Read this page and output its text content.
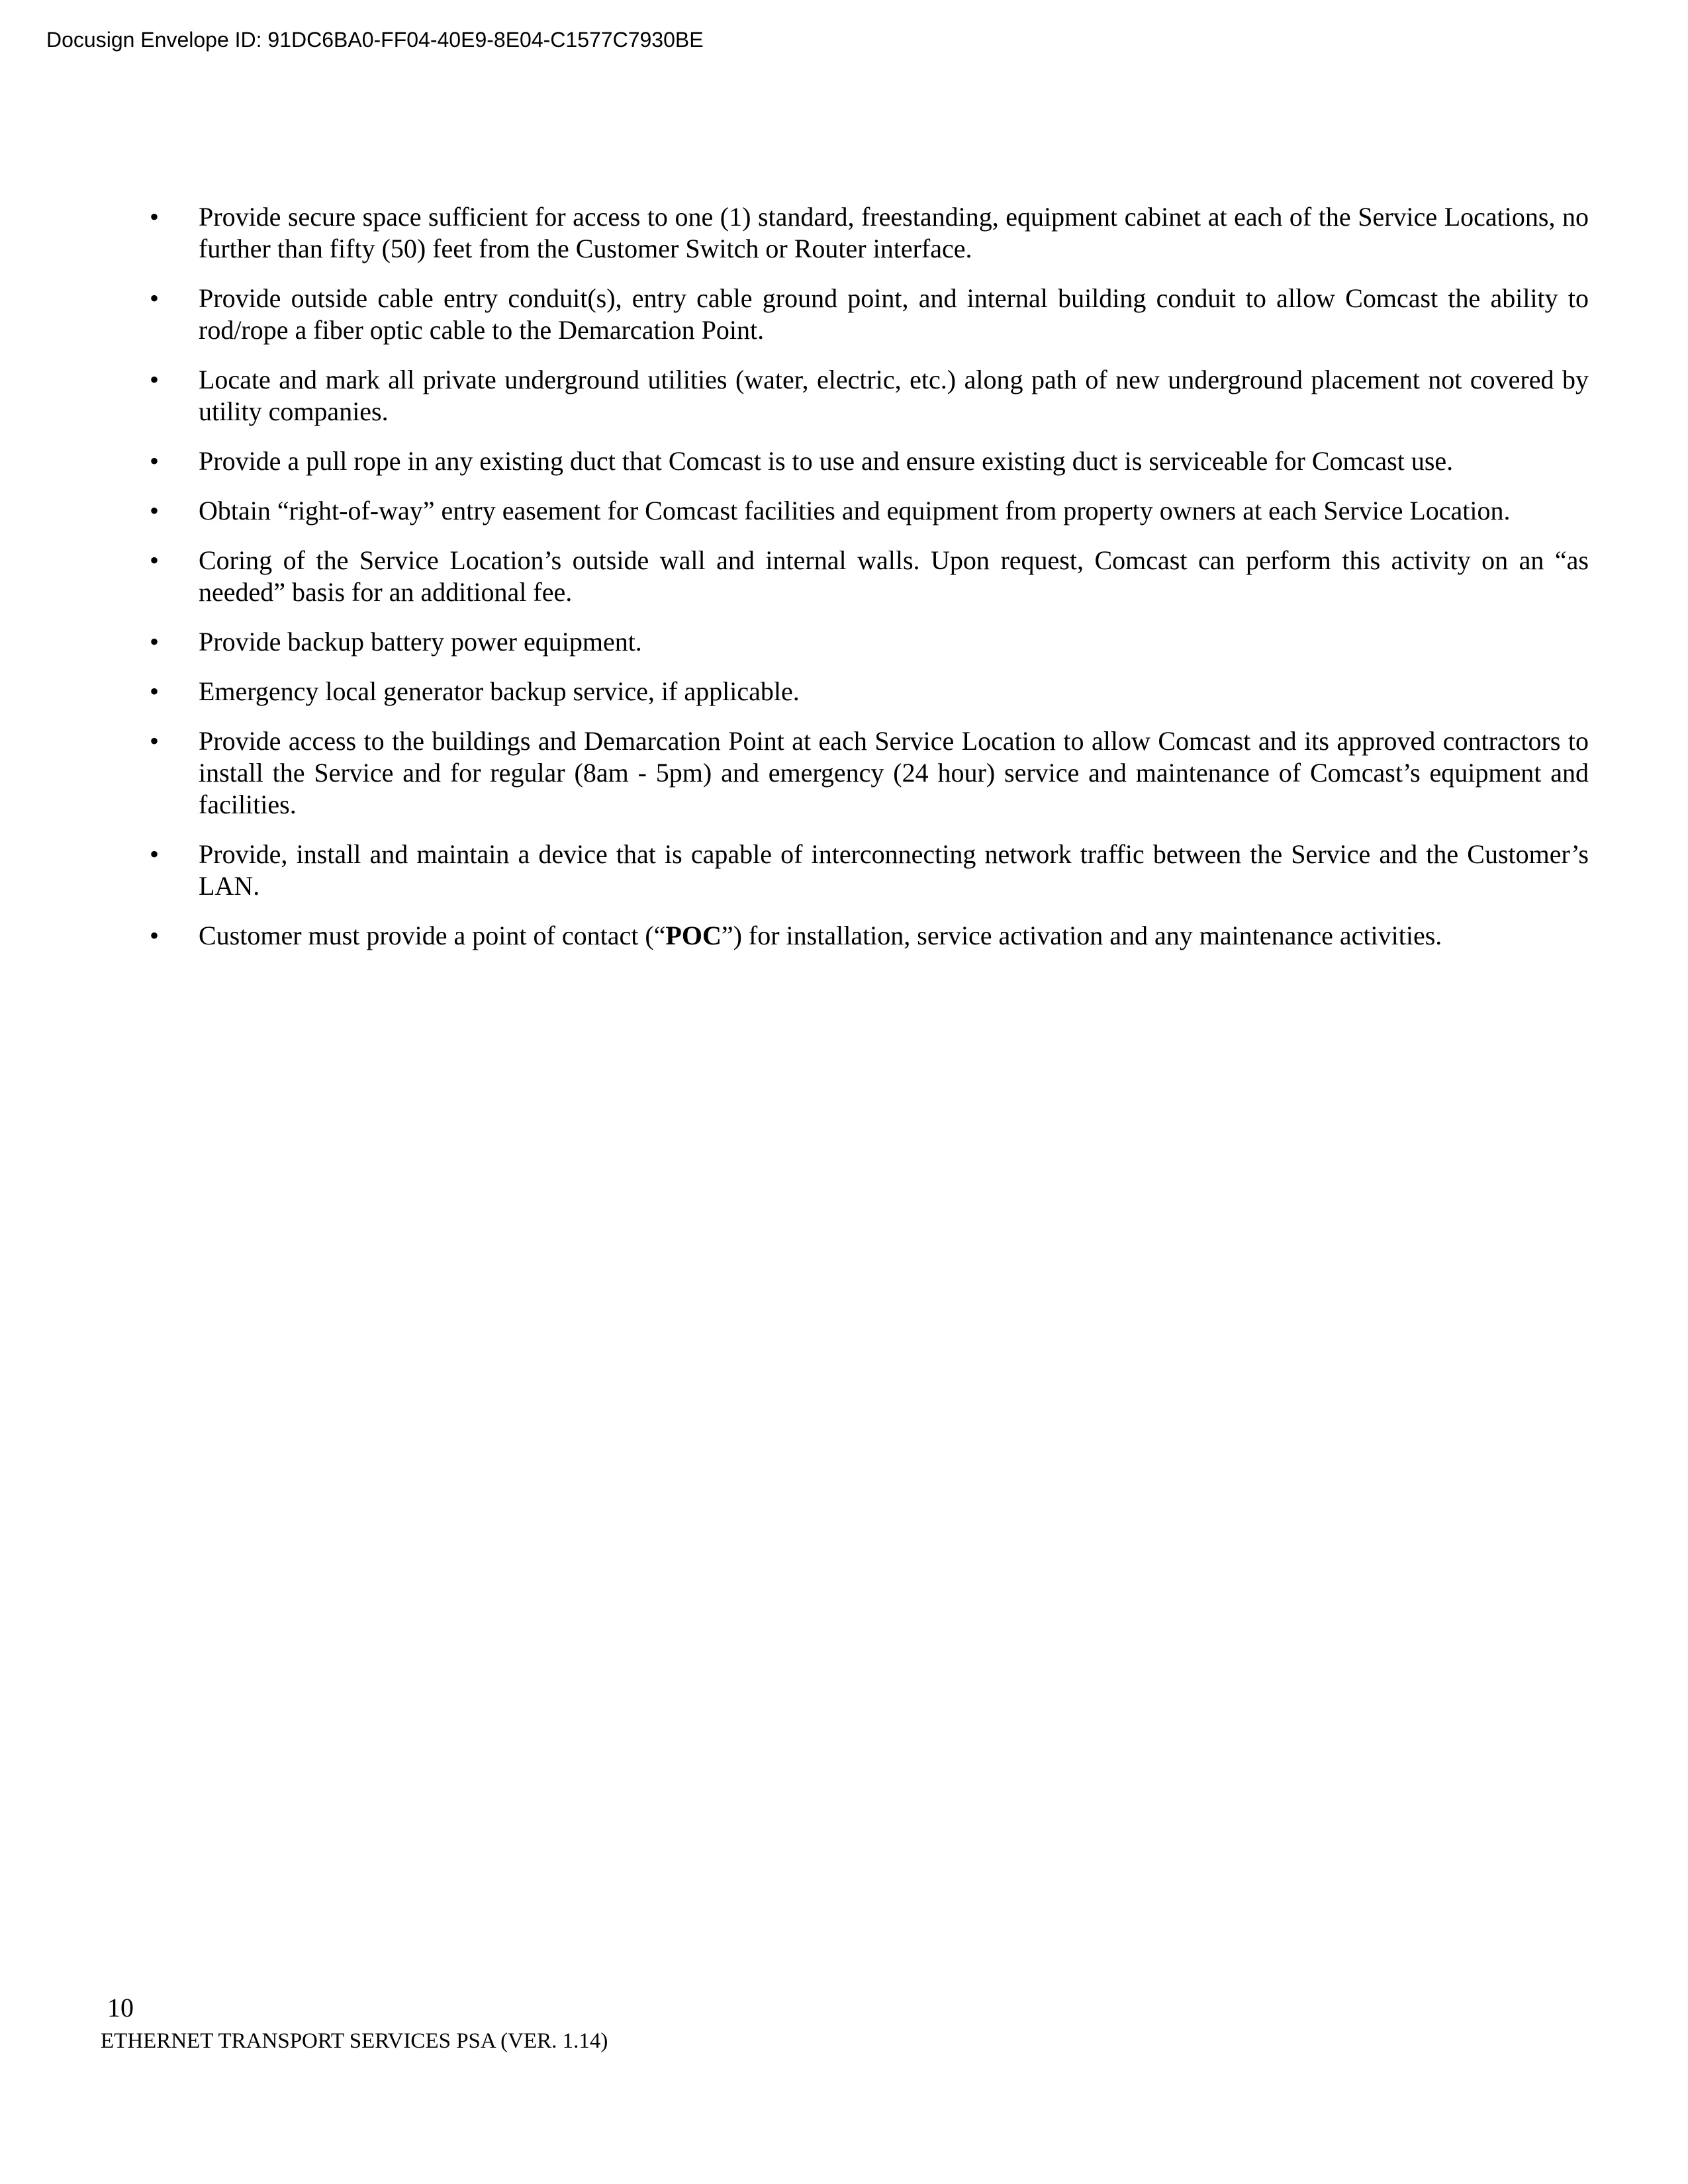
Docusign Envelope ID: 91DC6BA0-FF04-40E9-8E04-C1577C7930BE
•	Provide secure space sufficient for access to one (1) standard, freestanding, equipment cabinet at each of the Service Locations, no further than fifty (50) feet from the Customer Switch or Router interface.
•	Provide outside cable entry conduit(s), entry cable ground point, and internal building conduit to allow Comcast the ability to rod/rope a fiber optic cable to the Demarcation Point.
•	Locate and mark all private underground utilities (water, electric, etc.) along path of new underground placement not covered by utility companies.
•	Provide a pull rope in any existing duct that Comcast is to use and ensure existing duct is serviceable for Comcast use.
•	Obtain “right-of-way” entry easement for Comcast facilities and equipment from property owners at each Service Location.
•	Coring of the Service Location’s outside wall and internal walls. Upon request, Comcast can perform this activity on an “as needed” basis for an additional fee.
•	Provide backup battery power equipment.
•	Emergency local generator backup service, if applicable.
•	Provide access to the buildings and Demarcation Point at each Service Location to allow Comcast and its approved contractors to install the Service and for regular (8am - 5pm) and emergency (24 hour) service and maintenance of Comcast’s equipment and facilities.
•	Provide, install and maintain a device that is capable of interconnecting network traffic between the Service and the Customer’s LAN.
•	Customer must provide a point of contact (“POC”) for installation, service activation and any maintenance activities.
10
ETHERNET TRANSPORT SERVICES PSA (VER. 1.14)
